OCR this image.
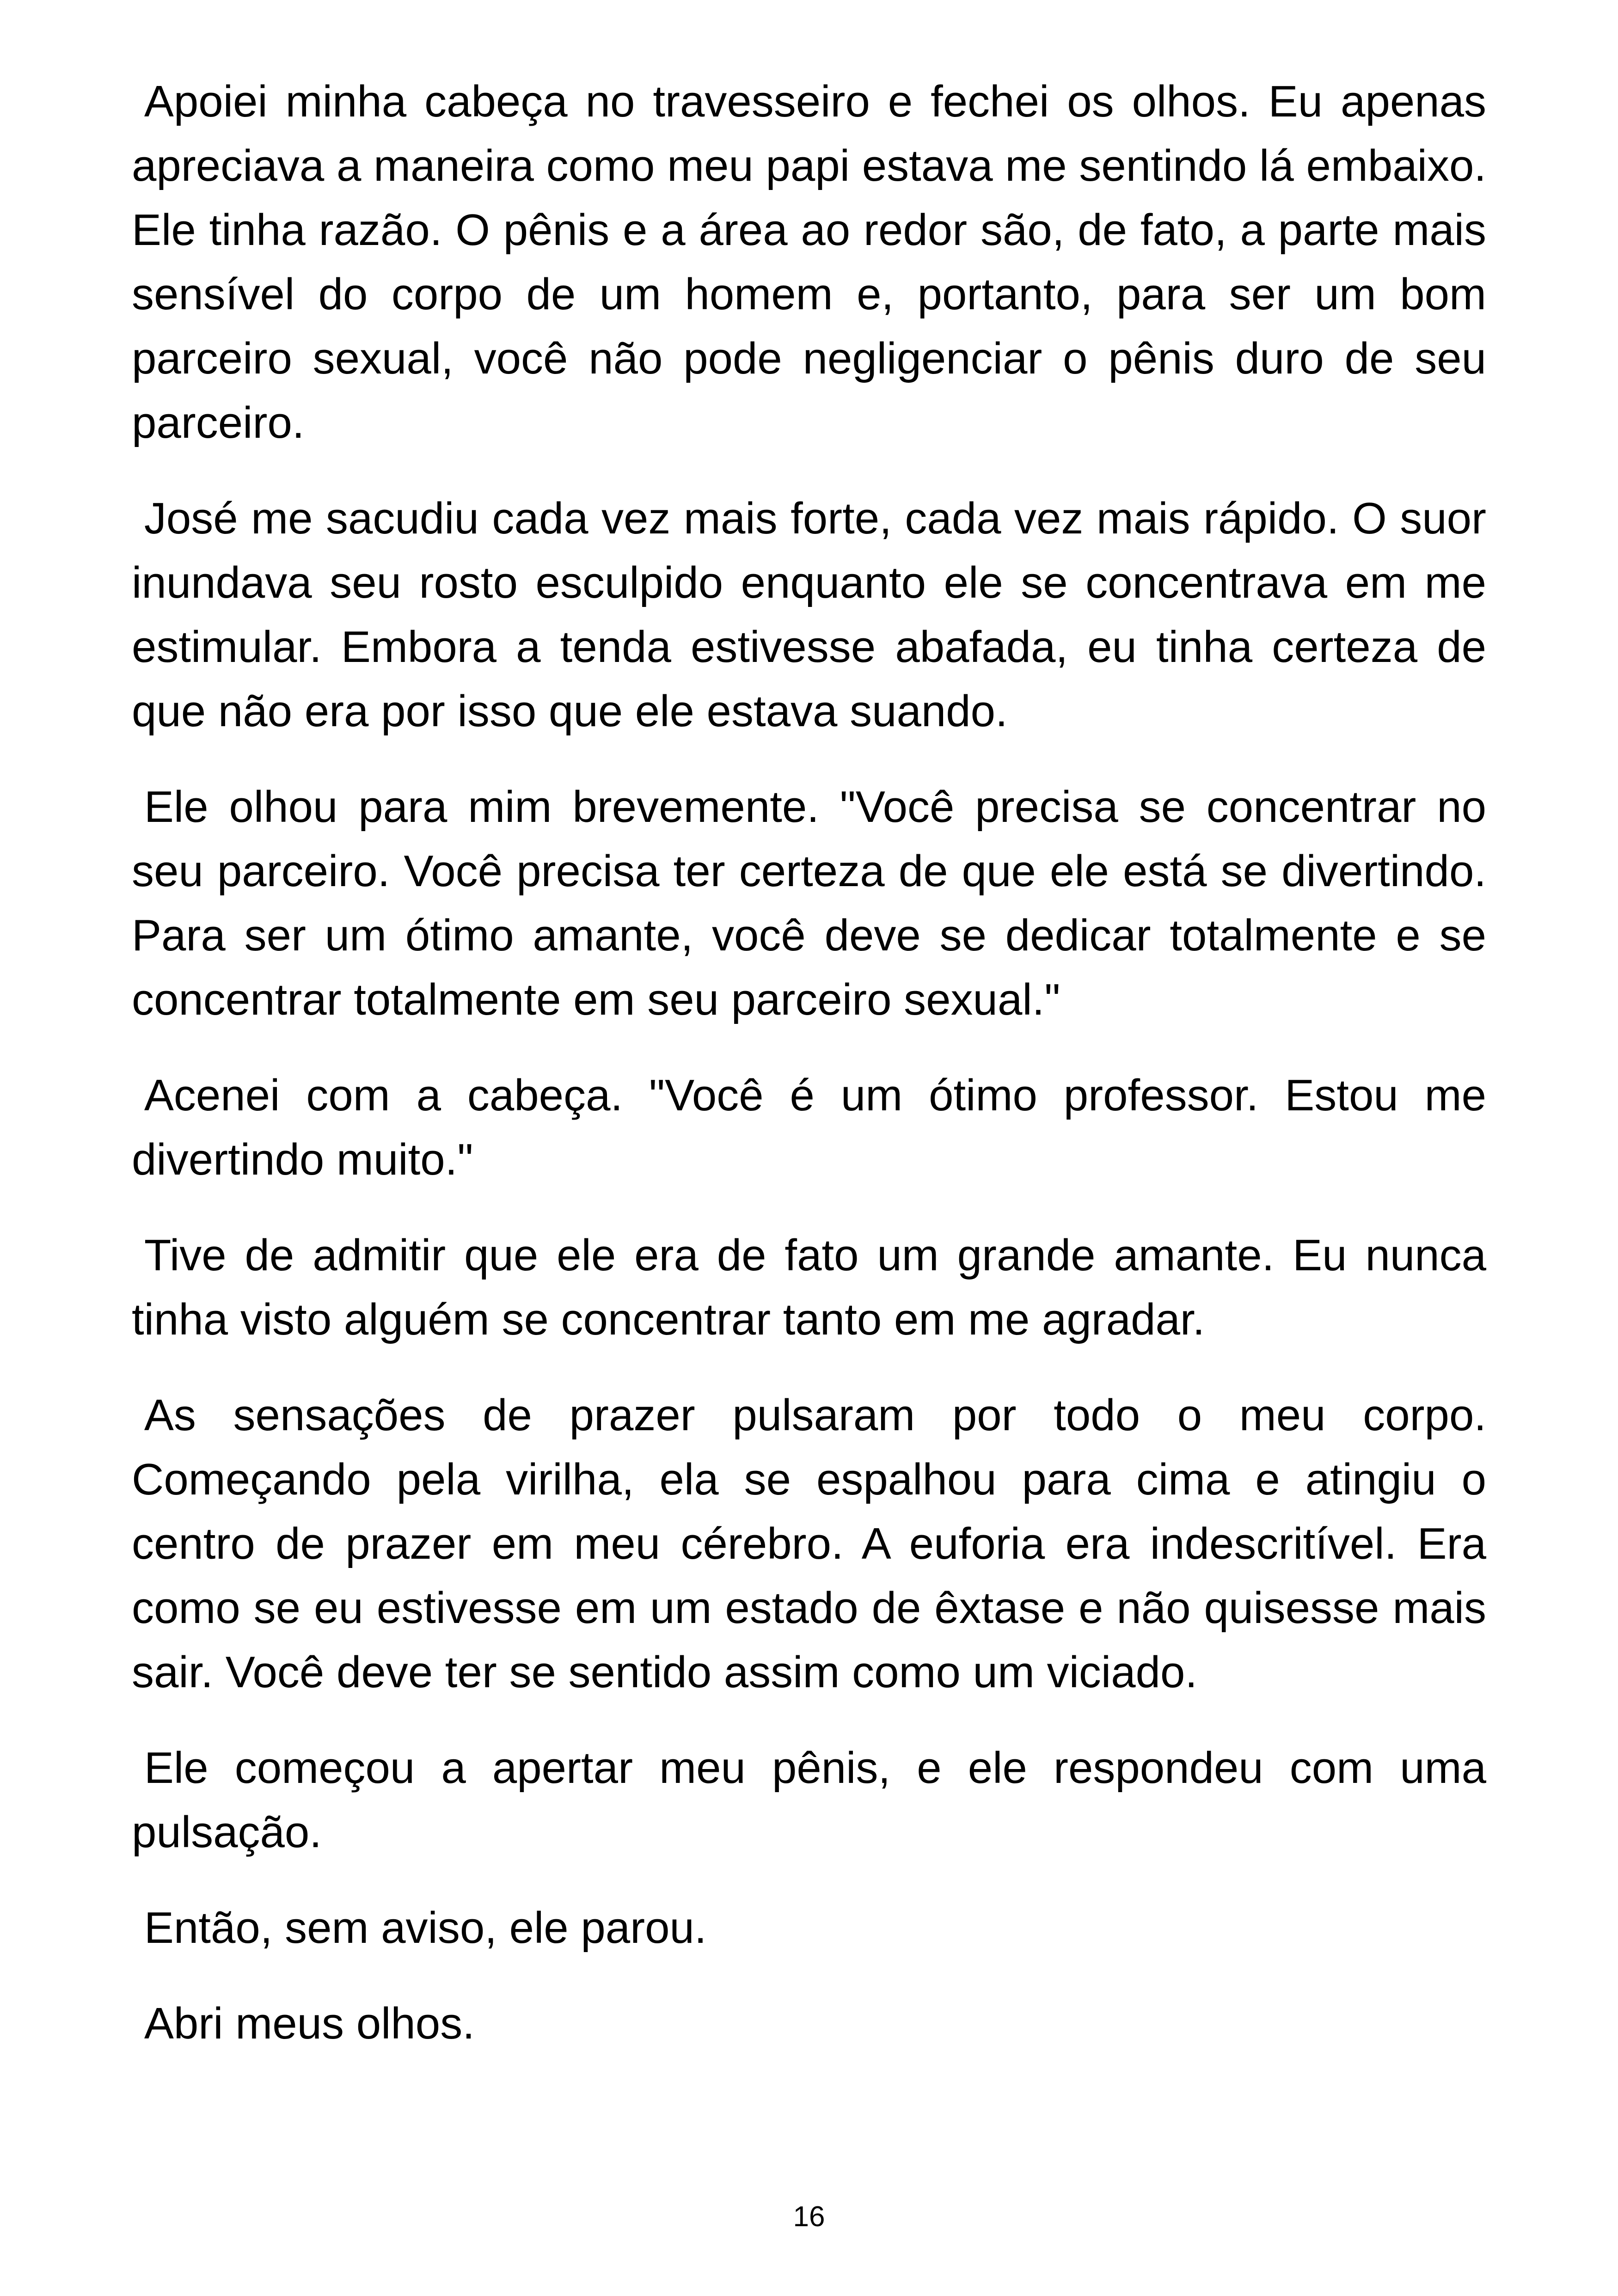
Apoiei minha cabeça no travesseiro e fechei os olhos. Eu apenas apreciava a maneira como meu papi estava me sentindo lá embaixo. Ele tinha razão. O pênis e a área ao redor são, de fato, a parte mais sensível do corpo de um homem e, portanto, para ser um bom parceiro sexual, você não pode negligenciar o pênis duro de seu parceiro.

José me sacudiu cada vez mais forte, cada vez mais rápido. O suor inundava seu rosto esculpido enquanto ele se concentrava em me estimular. Embora a tenda estivesse abafada, eu tinha certeza de que não era por isso que ele estava suando.

Ele olhou para mim brevemente. "Você precisa se concentrar no seu parceiro. Você precisa ter certeza de que ele está se divertindo. Para ser um ótimo amante, você deve se dedicar totalmente e se concentrar totalmente em seu parceiro sexual."

Acenei com a cabeça. "Você é um ótimo professor. Estou me divertindo muito."

Tive de admitir que ele era de fato um grande amante. Eu nunca tinha visto alguém se concentrar tanto em me agradar.

As sensações de prazer pulsaram por todo o meu corpo. Começando pela virilha, ela se espalhou para cima e atingiu o centro de prazer em meu cérebro. A euforia era indescritível. Era como se eu estivesse em um estado de êxtase e não quisesse mais sair. Você deve ter se sentido assim como um viciado.

Ele começou a apertar meu pênis, e ele respondeu com uma pulsação.

Então, sem aviso, ele parou.

Abri meus olhos.

16
